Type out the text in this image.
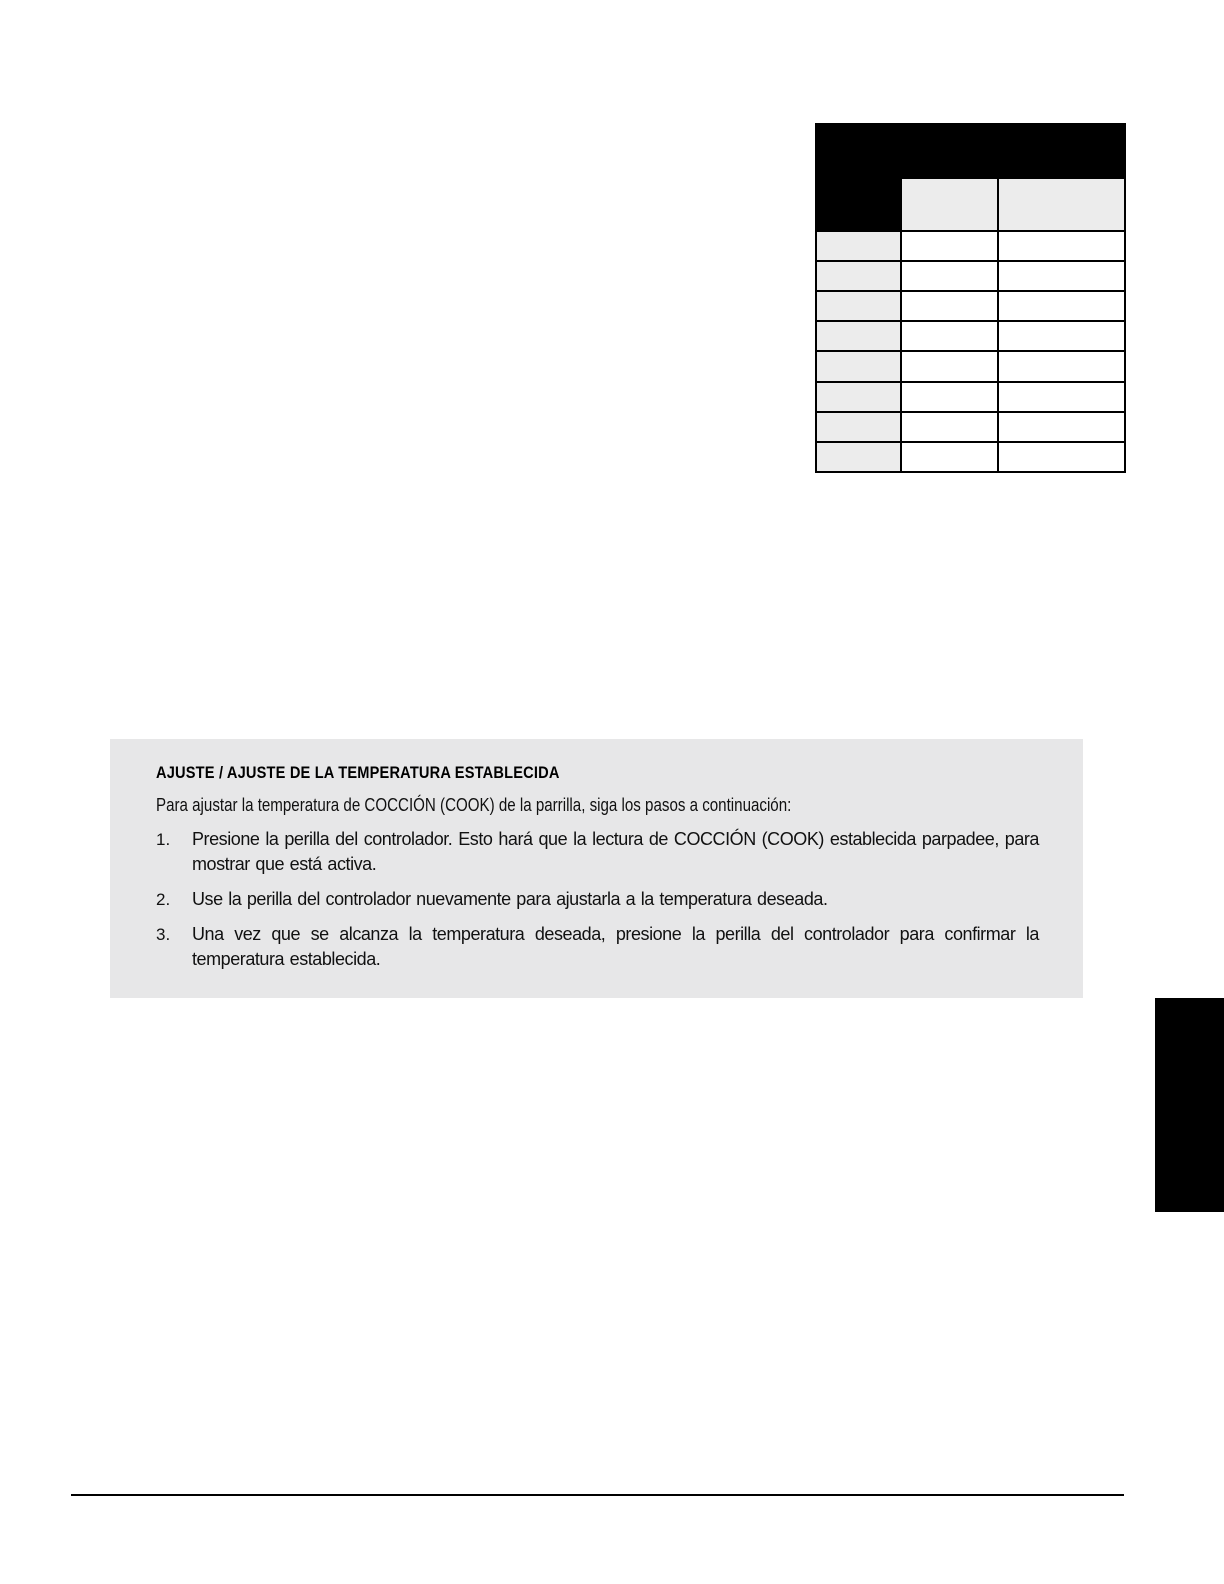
AJUSTE / AJUSTE DE LA TEMPERATURA ESTABLECIDA

Para ajustar la temperatura de COCCIÓN (COOK) de la parrilla, siga los pasos a continuación:

1.	Presione la perilla del controlador. Esto hará que la lectura de COCCIÓN (COOK) establecida parpadee, para mostrar que está activa.
2.	Use la perilla del controlador nuevamente para ajustarla a la temperatura deseada.
3.	Una vez que se alcanza la temperatura deseada, presione la perilla del controlador para confirmar la temperatura establecida.
